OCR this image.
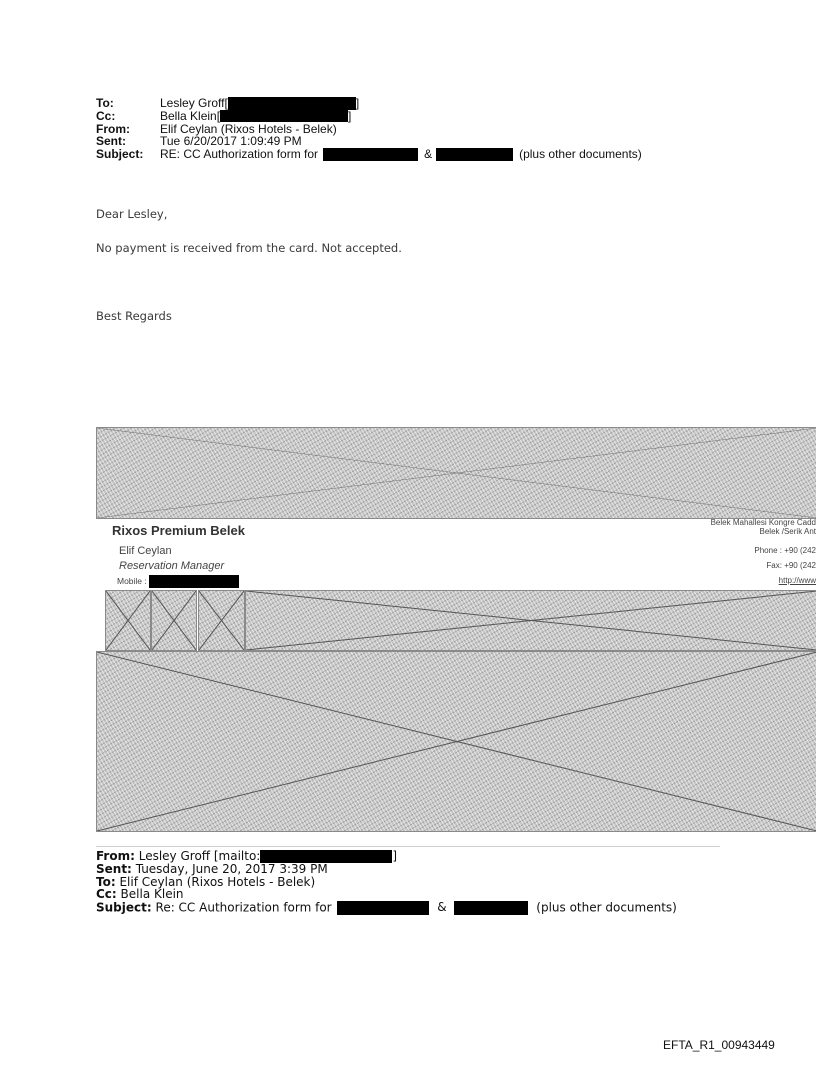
To:	Lesley Groff[	]
Cc:	Bella Klein[	]
From:	Elif Ceylan (Rixos Hotels - Belek)
Sent:	Tue 6/20/2017 1:09:49 PM
Subject:	RE: CC Authorization form for	&	(plus other documents)
Dear Lesley,
No payment is received from the card. Not accepted.
Best Regards
Rixos Premium Belek
Elif Ceylan
Reservation Manager
Mobile :
Belek Mahallesi Kongre Cadd
Belek /Serik Ant
Phone : +90 (242
Fax: +90 (242
http://www
From: Lesley Groff [mailto:	]
Sent: Tuesday, June 20, 2017 3:39 PM
To: Elif Ceylan (Rixos Hotels - Belek)
Cc: Bella Klein
Subject: Re: CC Authorization form for	&	(plus other documents)
EFTA_R1_00943449
